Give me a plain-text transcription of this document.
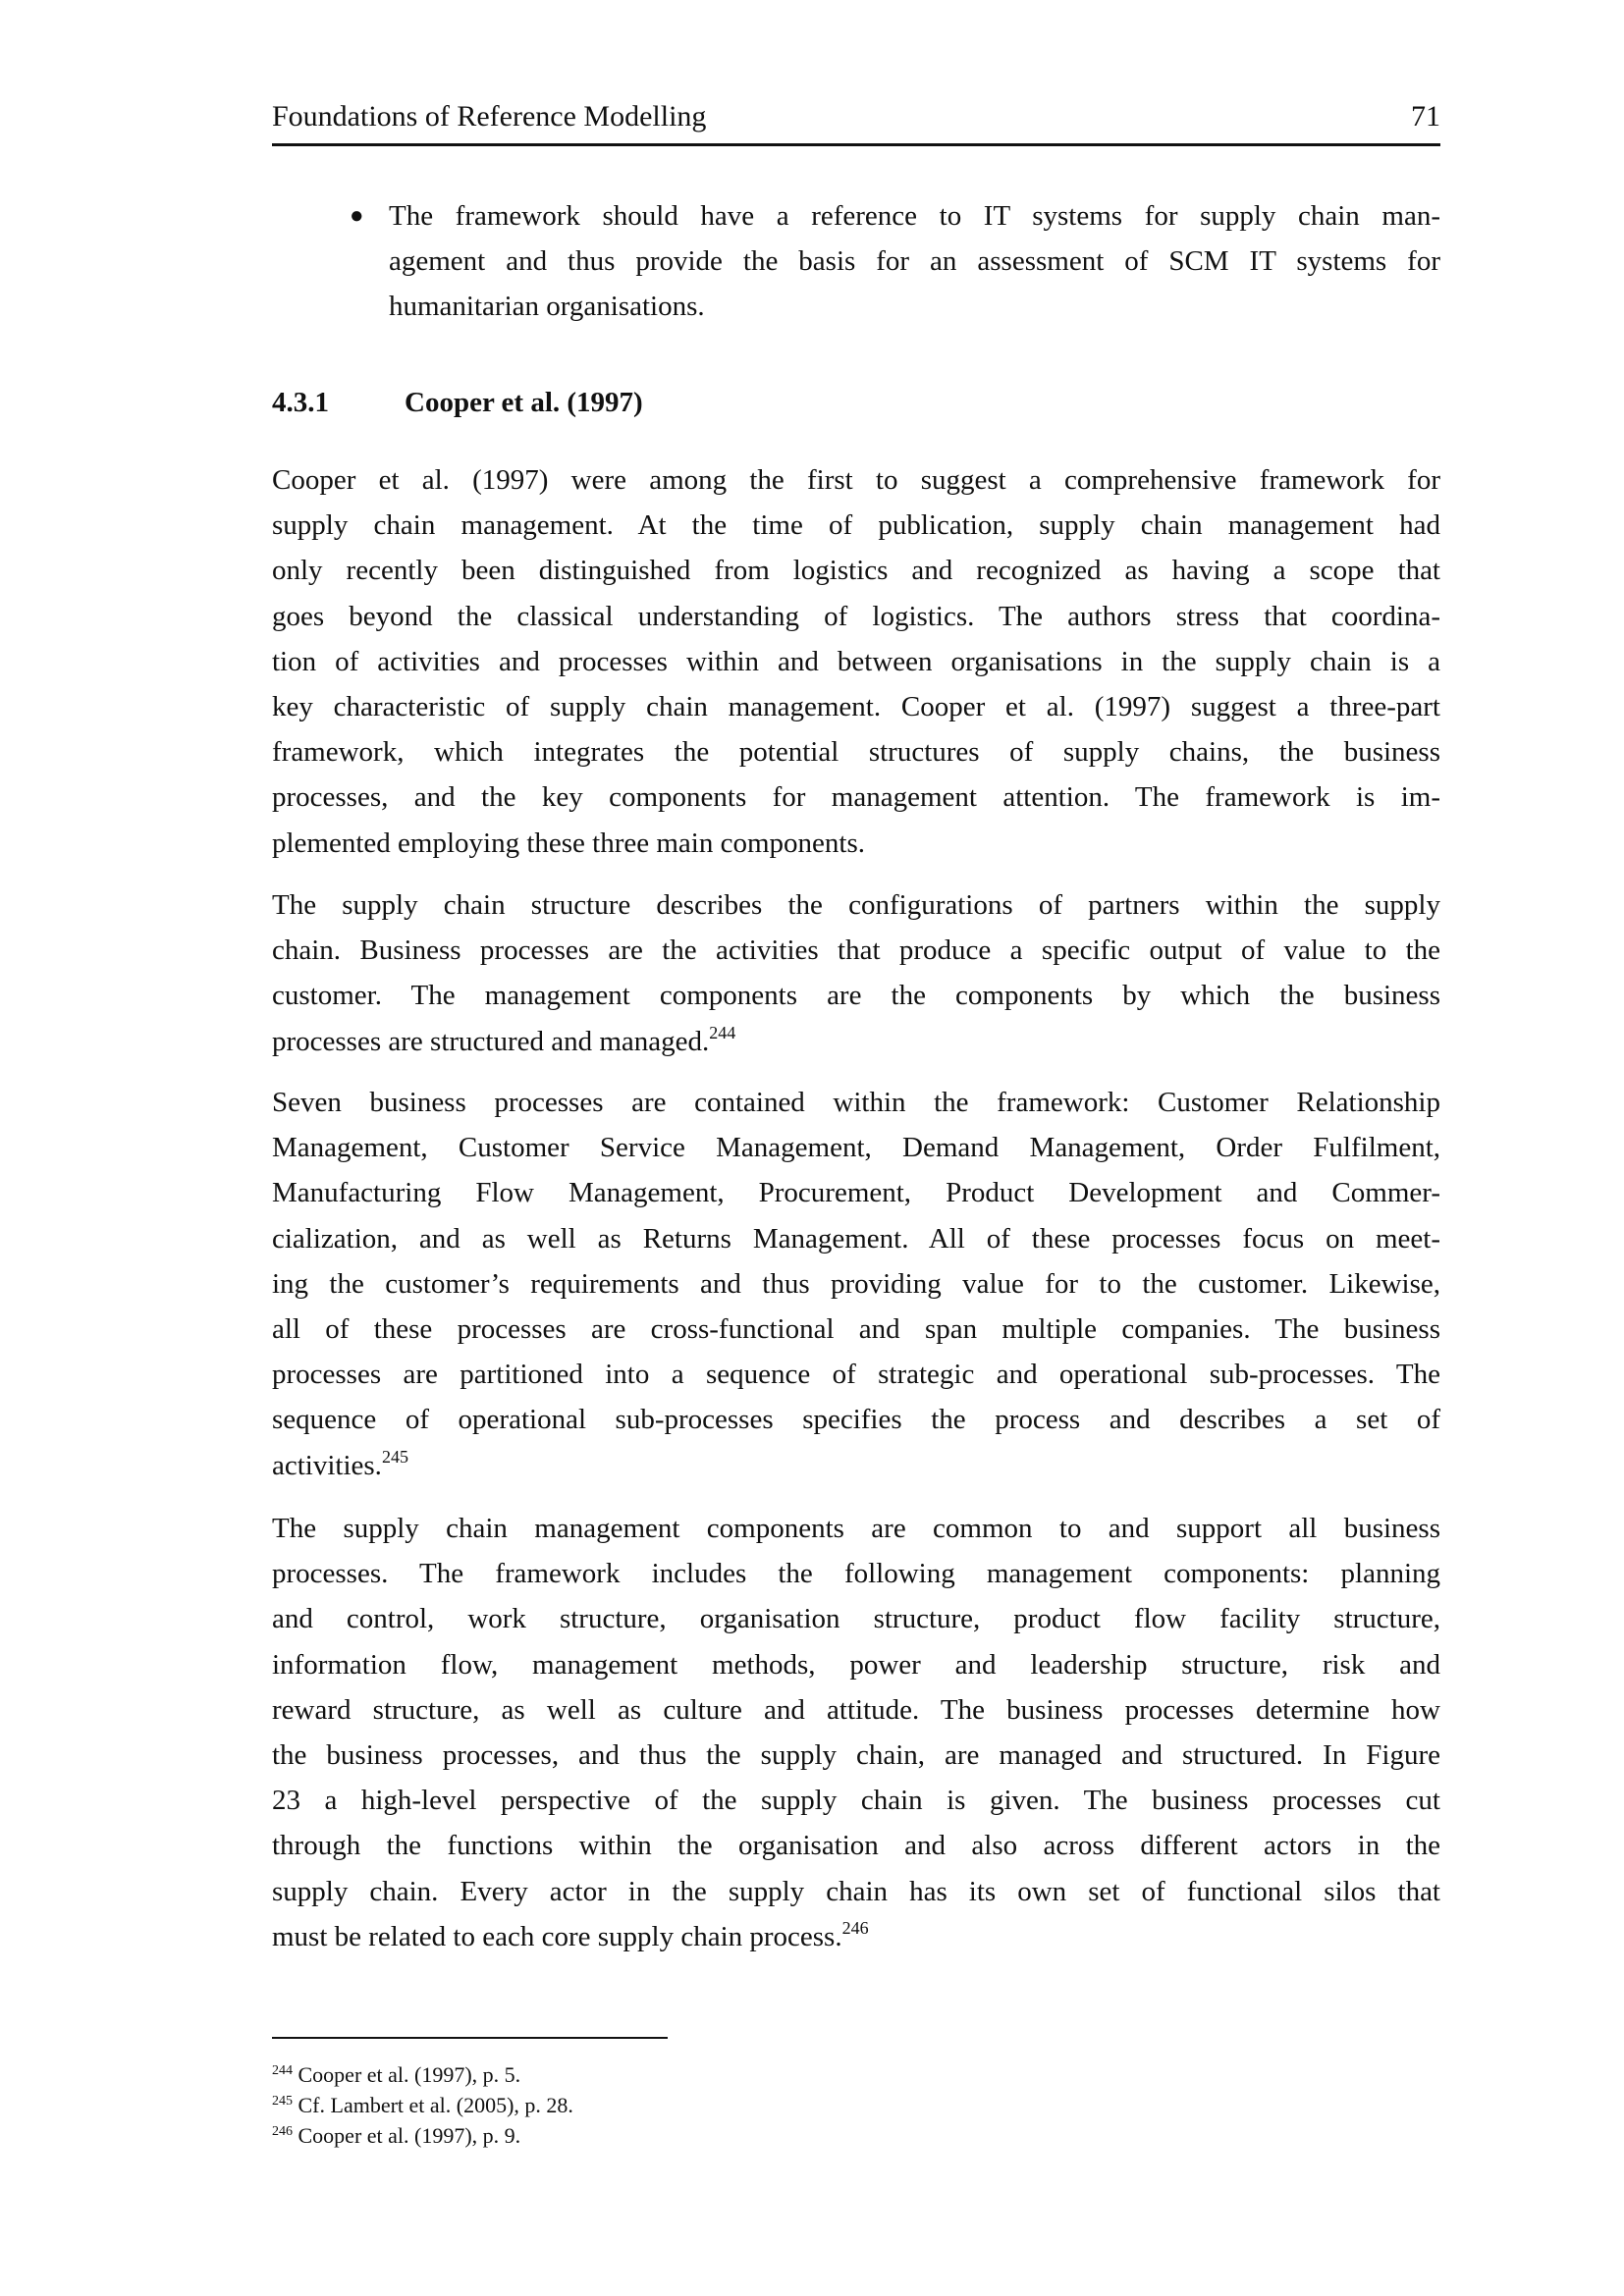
Foundations of Reference Modelling	71
● The framework should have a reference to IT systems for supply chain man-
agement and thus provide the basis for an assessment of SCM IT systems for
humanitarian organisations.
4.3.1	Cooper et al. (1997)
Cooper et al. (1997) were among the first to suggest a comprehensive framework for
supply chain management. At the time of publication, supply chain management had
only recently been distinguished from logistics and recognized as having a scope that
goes beyond the classical understanding of logistics. The authors stress that coordina-
tion of activities and processes within and between organisations in the supply chain is a
key characteristic of supply chain management. Cooper et al. (1997) suggest a three-part
framework, which integrates the potential structures of supply chains, the business
processes, and the key components for management attention. The framework is im-
plemented employing these three main components.
The supply chain structure describes the configurations of partners within the supply
chain. Business processes are the activities that produce a specific output of value to the
customer. The management components are the components by which the business
processes are structured and managed.$^{244}$
Seven business processes are contained within the framework: Customer Relationship
Management, Customer Service Management, Demand Management, Order Fulfilment,
Manufacturing Flow Management, Procurement, Product Development and Commer-
cialization, and as well as Returns Management. All of these processes focus on meet-
ing the customer’s requirements and thus providing value for to the customer. Likewise,
all of these processes are cross-functional and span multiple companies. The business
processes are partitioned into a sequence of strategic and operational sub-processes. The
sequence of operational sub-processes specifies the process and describes a set of
activities.$^{245}$
The supply chain management components are common to and support all business
processes. The framework includes the following management components: planning
and control, work structure, organisation structure, product flow facility structure,
information flow, management methods, power and leadership structure, risk and
reward structure, as well as culture and attitude. The business processes determine how
the business processes, and thus the supply chain, are managed and structured. In Figure
23 a high-level perspective of the supply chain is given. The business processes cut
through the functions within the organisation and also across different actors in the
supply chain. Every actor in the supply chain has its own set of functional silos that
must be related to each core supply chain process.$^{246}$
$^{244}$ Cooper et al. (1997), p. 5.
$^{245}$ Cf. Lambert et al. (2005), p. 28.
$^{246}$ Cooper et al. (1997), p. 9.
